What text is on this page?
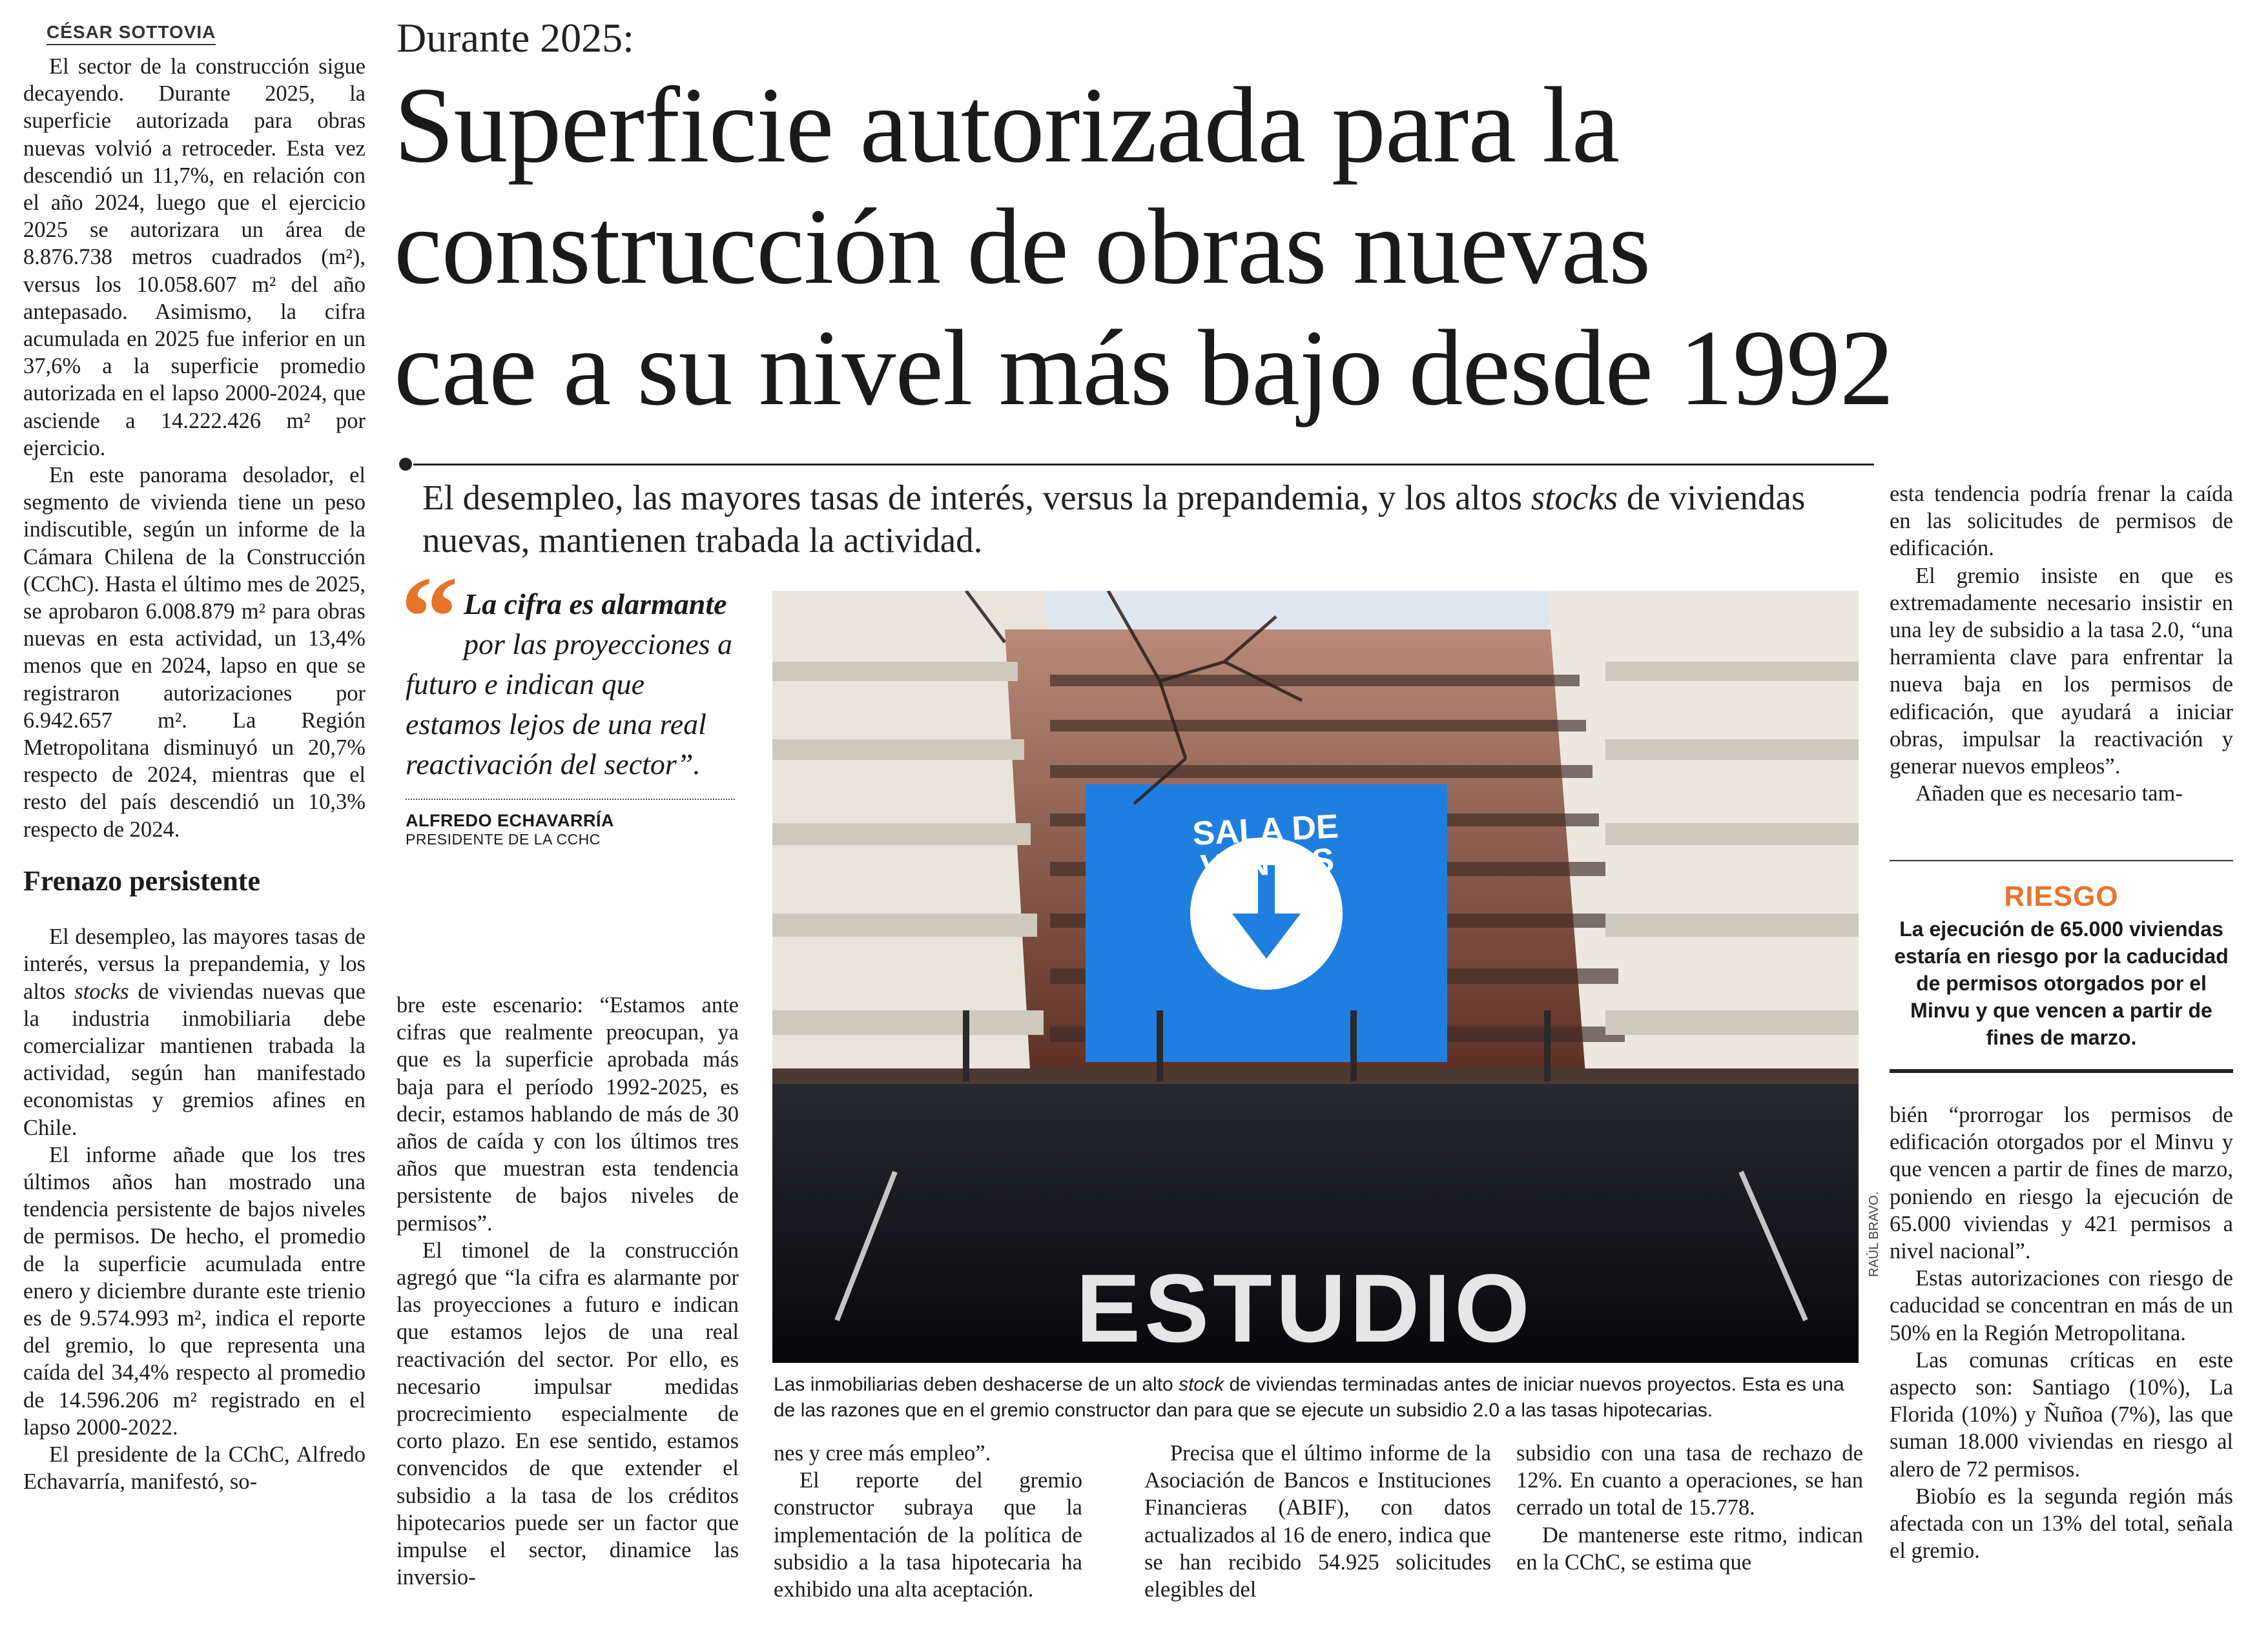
CÉSAR SOTTOVIA	Durante 2025:
Superficie autorizada para la
construcción de obras nuevas
cae a su nivel más bajo desde 1992
El desempleo, las mayores tasas de interés, versus la prepandemia, y los altos stocks de viviendas nuevas, mantienen trabada la actividad.

El sector de la construcción sigue decayendo. Durante 2025, la superficie autorizada para obras nuevas volvió a retroceder. Esta vez descendió un 11,7%, en relación con el año 2024, luego que el ejercicio 2025 se autorizara un área de 8.876.738 metros cuadrados (m²), versus los 10.058.607 m² del año antepasado. Asimismo, la cifra acumulada en 2025 fue inferior en un 37,6% a la superficie promedio autorizada en el lapso 2000-2024, que asciende a 14.222.426 m² por ejercicio.

En este panorama desolador, el segmento de vivienda tiene un peso indiscutible, según un informe de la Cámara Chilena de la Construcción (CChC). Hasta el último mes de 2025, se aprobaron 6.008.879 m² para obras nuevas en esta actividad, un 13,4% menos que en 2024, lapso en que se registraron autorizaciones por 6.942.657 m². La Región Metropolitana disminuyó un 20,7% respecto de 2024, mientras que el resto del país descendió un 10,3% respecto de 2024.

Frenazo persistente

El desempleo, las mayores tasas de interés, versus la prepandemia, y los altos stocks de viviendas nuevas que la industria inmobiliaria debe comercializar mantienen trabada la actividad, según han manifestado economistas y gremios afines en Chile.

El informe añade que los tres últimos años han mostrado una tendencia persistente de bajos niveles de permisos. De hecho, el promedio de la superficie acumulada entre enero y diciembre durante este trienio es de 9.574.993 m², indica el reporte del gremio, lo que representa una caída del 34,4% respecto al promedio de 14.596.206 m² registrado en el lapso 2000-2022.

El presidente de la CChC, Alfredo Echavarría, manifestó, so-

“ La cifra es alarmante por las proyecciones a futuro e indican que estamos lejos de una real reactivación del sector”.
ALFREDO ECHAVARRÍA
PRESIDENTE DE LA CCHC

bre este escenario: “Estamos ante cifras que realmente preocupan, ya que es la superficie aprobada más baja para el período 1992-2025, es decir, estamos hablando de más de 30 años de caída y con los últimos tres años que muestran esta tendencia persistente de bajos niveles de permisos”.

El timonel de la construcción agregó que “la cifra es alarmante por las proyecciones a futuro e indican que estamos lejos de una real reactivación del sector. Por ello, es necesario impulsar medidas procrecimiento especialmente de corto plazo. En ese sentido, estamos convencidos de que extender el subsidio a la tasa de los créditos hipotecarios puede ser un factor que impulse el sector, dinamice las inversio-

SALA DE
VENTAS
ESTUDIO
RAÚL BRAVO.
Las inmobiliarias deben deshacerse de un alto stock de viviendas terminadas antes de iniciar nuevos proyectos. Esta es una de las razones que en el gremio constructor dan para que se ejecute un subsidio 2.0 a las tasas hipotecarias.

nes y cree más empleo”.

El reporte del gremio constructor subraya que la implementación de la política de subsidio a la tasa hipotecaria ha exhibido una alta aceptación.

Precisa que el último informe de la Asociación de Bancos e Instituciones Financieras (ABIF), con datos actualizados al 16 de enero, indica que se han recibido 54.925 solicitudes elegibles del

subsidio con una tasa de rechazo de 12%. En cuanto a operaciones, se han cerrado un total de 15.778.

De mantenerse este ritmo, indican en la CChC, se estima que

esta tendencia podría frenar la caída en las solicitudes de permisos de edificación.

El gremio insiste en que es extremadamente necesario insistir en una ley de subsidio a la tasa 2.0, “una herramienta clave para enfrentar la nueva baja en los permisos de edificación, que ayudará a iniciar obras, impulsar la reactivación y generar nuevos empleos”.

Añaden que es necesario tam-

RIESGO
La ejecución de 65.000 viviendas estaría en riesgo por la caducidad de permisos otorgados por el Minvu y que vencen a partir de fines de marzo.

bién “prorrogar los permisos de edificación otorgados por el Minvu y que vencen a partir de fines de marzo, poniendo en riesgo la ejecución de 65.000 viviendas y 421 permisos a nivel nacional”.

Estas autorizaciones con riesgo de caducidad se concentran en más de un 50% en la Región Metropolitana.

Las comunas críticas en este aspecto son: Santiago (10%), La Florida (10%) y Ñuñoa (7%), las que suman 18.000 viviendas en riesgo al alero de 72 permisos.

Biobío es la segunda región más afectada con un 13% del total, señala el gremio.
